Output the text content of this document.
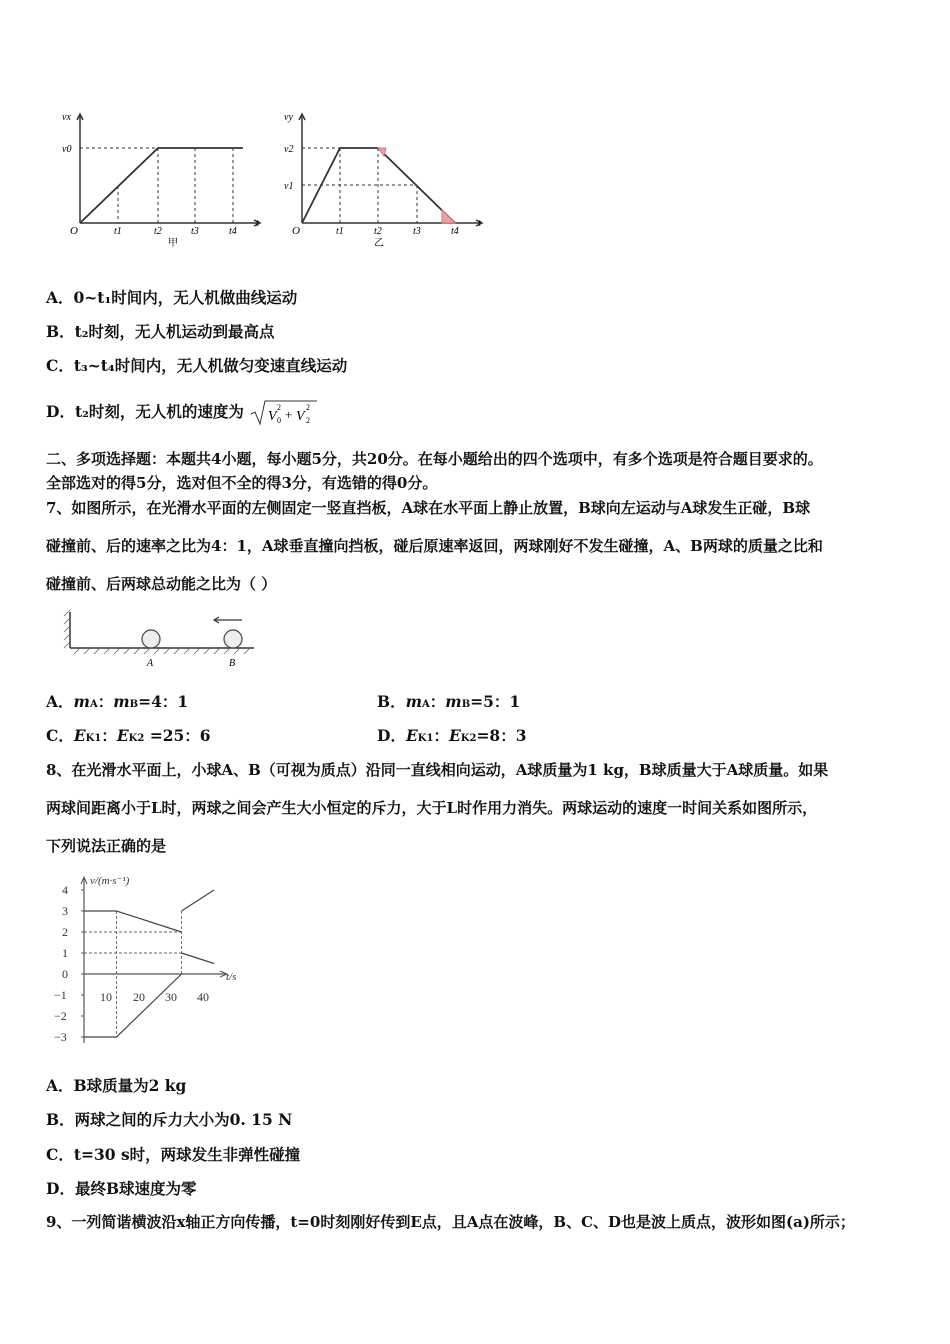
vx
v0
O	t1	t2	t3	t4
t
甲
vy
v2
v1
O	t1	t2	t3	t4
t
乙
A．0~t₁时间内，无人机做曲线运动
B．t₂时刻，无人机运动到最高点
C．t₃~t₄时间内，无人机做匀变速直线运动
D．t₂时刻，无人机的速度为 V
2
0 + V
2
2
二、多项选择题：本题共4小题，每小题5分，共20分。在每小题给出的四个选项中，有多个选项是符合题目要求的。
全部选对的得5分，选对但不全的得3分，有选错的得0分。
7、如图所示，在光滑水平面的左侧固定一竖直挡板，A球在水平面上静止放置，B球向左运动与A球发生正碰，B球
碰撞前、后的速率之比为4：1，A球垂直撞向挡板，碰后原速率返回，两球刚好不发生碰撞，A、B两球的质量之比和
碰撞前、后两球总动能之比为（ ）
A	B
A．mA：mB=4：1	B．mA：mB=5：1
C．EK1：EK2 =25：6	D．EK1：EK2=8：3
8、在光滑水平面上，小球A、B（可视为质点）沿同一直线相向运动，A球质量为1 kg，B球质量大于A球质量。如果
两球间距离小于L时，两球之间会产生大小恒定的斥力，大于L时作用力消失。两球运动的速度一时间关系如图所示，
下列说法正确的是
v/(m·s⁻¹)
t/s
4
3
2
1
0
−1
−2
−3
10 20 30 40
A．B球质量为2 kg
B．两球之间的斥力大小为0. 15 N
C．t=30 s时，两球发生非弹性碰撞
D．最终B球速度为零
9、一列简谐横波沿x轴正方向传播，t=0时刻刚好传到E点，且A点在波峰，B、C、D也是波上质点，波形如图(a)所示；
